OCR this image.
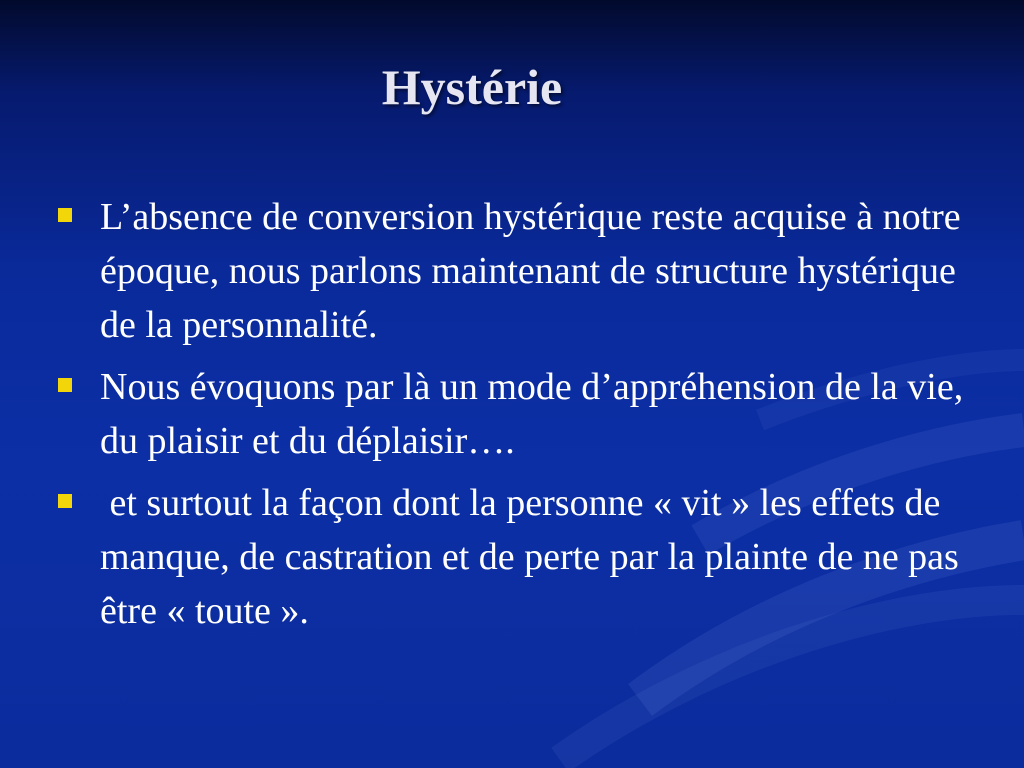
Hystérie
L’absence de conversion hystérique reste acquise à notre époque, nous parlons maintenant de structure hystérique de la personnalité.
Nous évoquons par là un mode d’appréhension de la vie, du plaisir et du déplaisir….
et surtout la façon dont la personne « vit » les effets de manque, de castration et de perte par la plainte de ne pas être « toute ».
